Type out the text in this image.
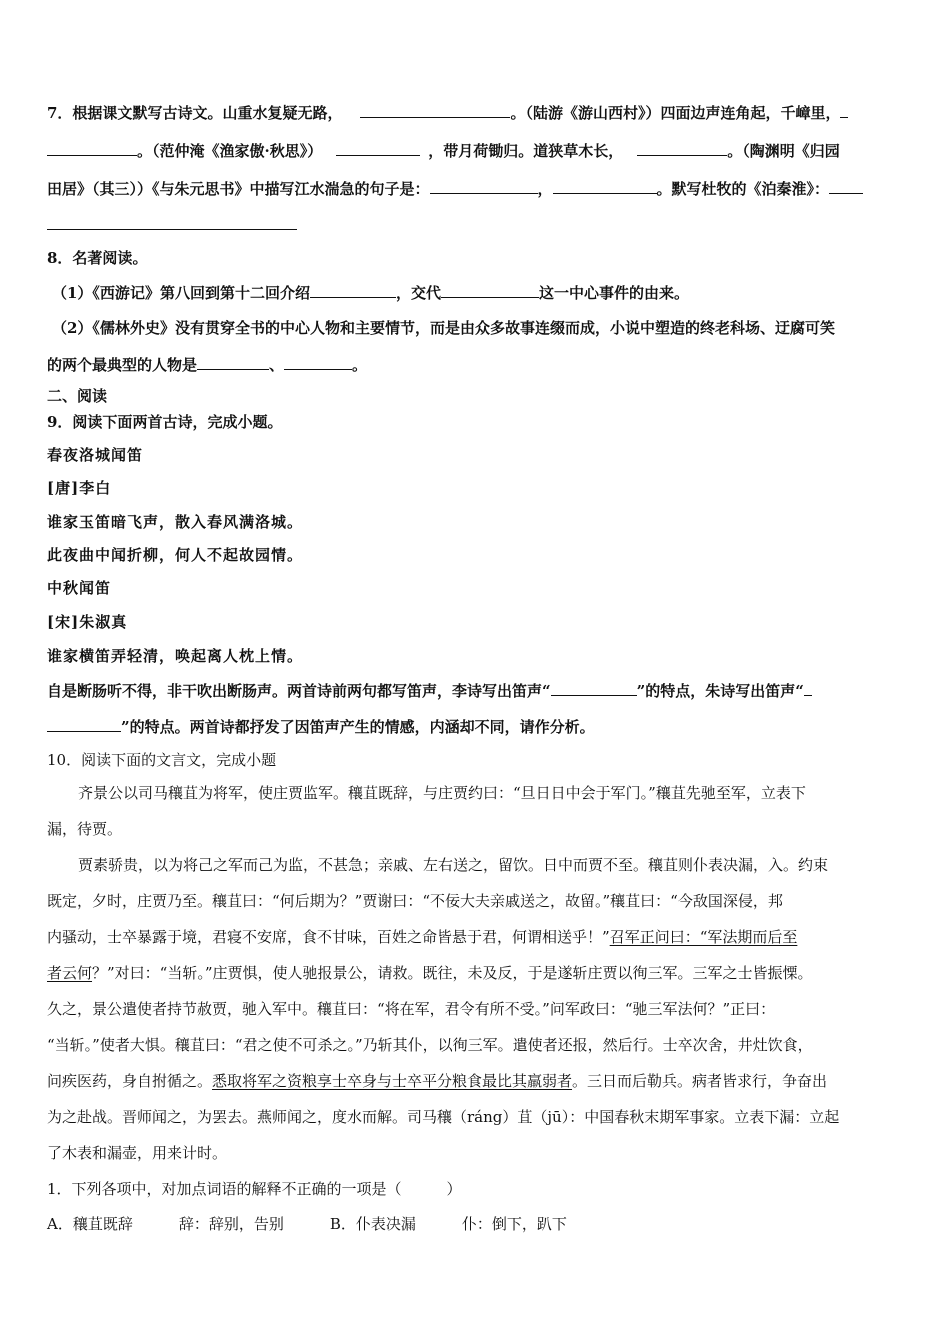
7．根据课文默写古诗文。山重水复疑无路，	。（陆游《游山西村》）四面边声连角起，千嶂里，
。（范仲淹《渔家傲·秋思》）	，带月荷锄归。道狭草木长，	。（陶渊明《归园
田居》（其三））《与朱元思书》中描写江水湍急的句子是：	，	。默写杜牧的《泊秦淮》：
8．名著阅读。
（1）《西游记》第八回到第十二回介绍	，交代	这一中心事件的由来。
（2）《儒林外史》没有贯穿全书的中心人物和主要情节，而是由众多故事连缀而成，小说中塑造的终老科场、迂腐可笑
的两个最典型的人物是	、	。
二、阅读
9．阅读下面两首古诗，完成小题。
春夜洛城闻笛
[唐]李白
谁家玉笛暗飞声，散入春风满洛城。
此夜曲中闻折柳，何人不起故园情。
中秋闻笛
[宋]朱淑真
谁家横笛弄轻清，唤起离人枕上情。
自是断肠听不得，非干吹出断肠声。两首诗前两句都写笛声，李诗写出笛声“	”的特点，朱诗写出笛声“
”的特点。两首诗都抒发了因笛声产生的情感，内涵却不同，请作分析。
10．阅读下面的文言文，完成小题
齐景公以司马穰苴为将军，使庄贾监军。穰苴既辞，与庄贾约曰：“旦日日中会于军门。”穰苴先驰至军，立表下
漏，待贾。
贾素骄贵，以为将己之军而己为监，不甚急；亲戚、左右送之，留饮。日中而贾不至。穰苴则仆表决漏，入。约束
既定，夕时，庄贾乃至。穰苴曰：“何后期为？”贾谢曰：“不佞大夫亲戚送之，故留。”穰苴曰：“今敌国深侵，邦
内骚动，士卒暴露于境，君寝不安席，食不甘味，百姓之命皆悬于君，何谓相送乎！”召军正问曰：“军法期而后至
者云何？”对曰：“当斩。”庄贾惧，使人驰报景公，请救。既往，未及反，于是遂斩庄贾以徇三军。三军之士皆振慄。
久之，景公遣使者持节赦贾，驰入军中。穰苴曰：“将在军，君令有所不受。”问军政曰：“驰三军法何？”正曰：
“当斩。”使者大惧。穰苴曰：“君之使不可杀之。”乃斩其仆，以徇三军。遣使者还报，然后行。士卒次舍，井灶饮食，
问疾医药，身自拊循之。悉取将军之资粮享士卒身与士卒平分粮食最比其羸弱者。三日而后勒兵。病者皆求行，争奋出
为之赴战。晋师闻之，为罢去。燕师闻之，度水而解。司马穰（ráng）苴（jū）：中国春秋末期军事家。立表下漏：立起
了木表和漏壶，用来计时。
1．下列各项中，对加点词语的解释不正确的一项是（　　　）
A．穰苴既辞	辞：辞别，告别	B．仆表决漏	仆：倒下，趴下
